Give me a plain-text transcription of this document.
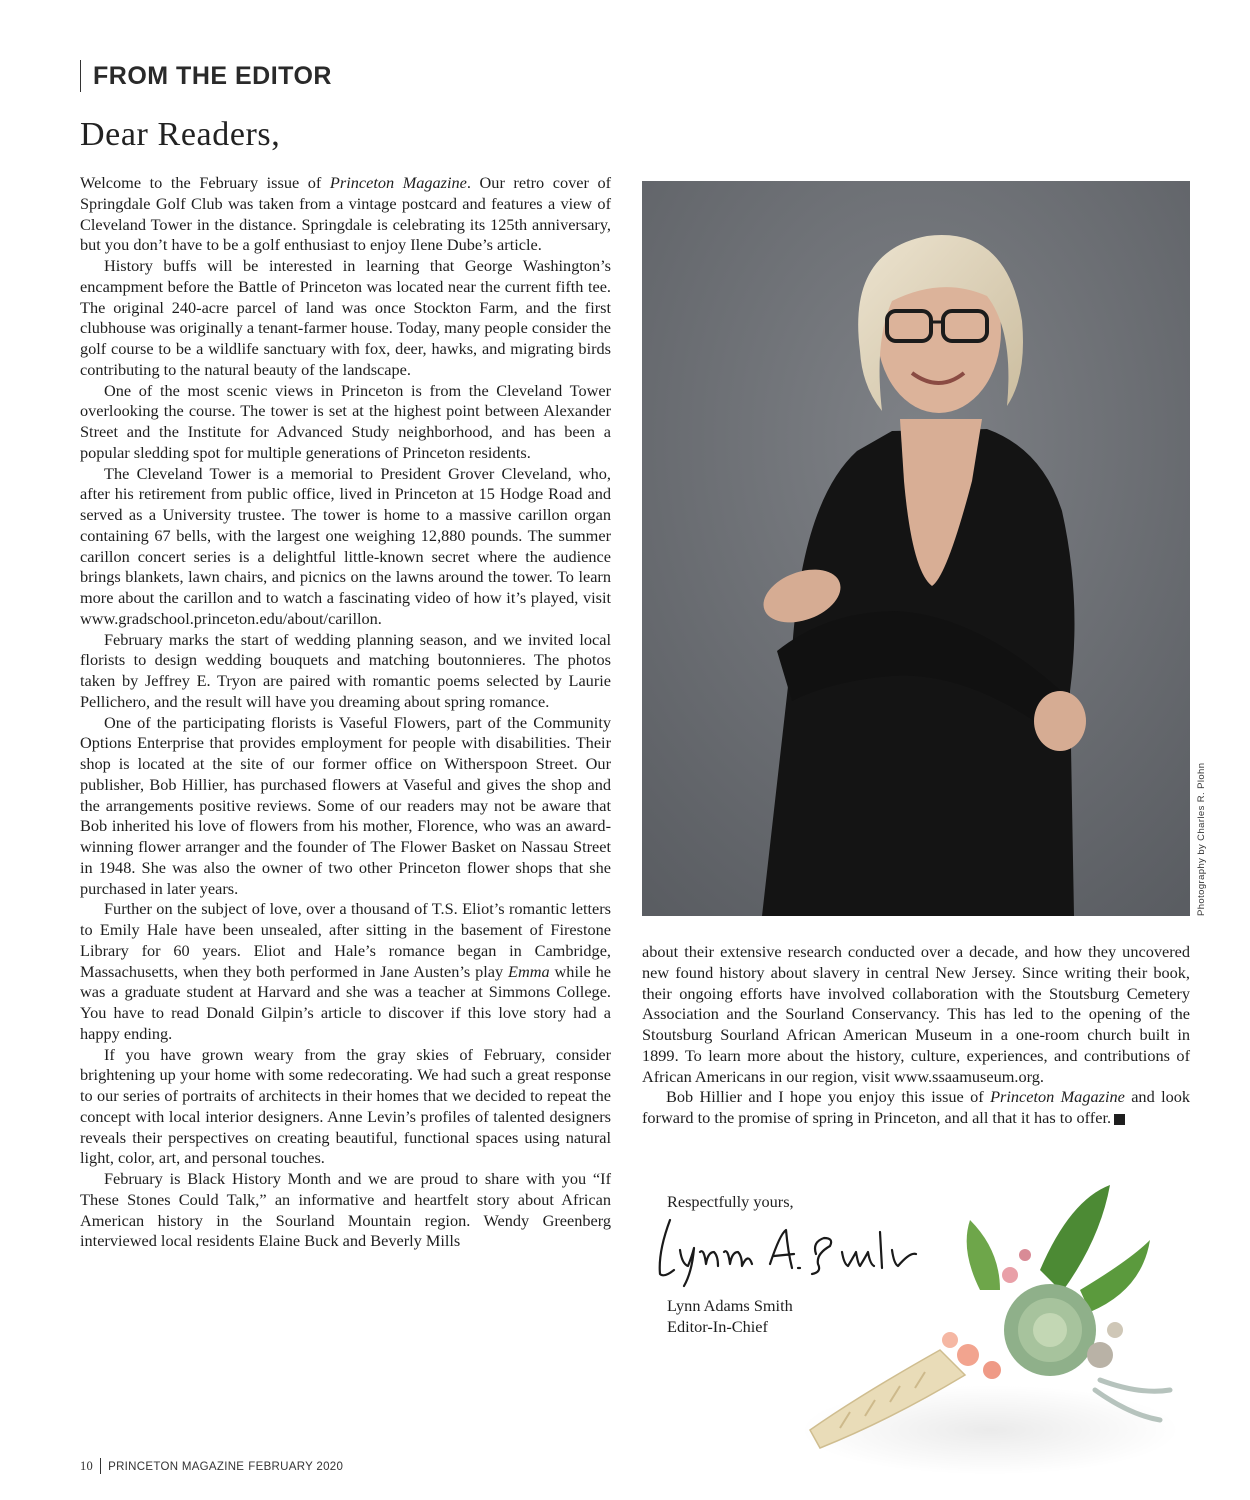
FROM THE EDITOR
Dear Readers,

Welcome to the February issue of Princeton Magazine. Our retro cover of Springdale Golf Club was taken from a vintage postcard and features a view of Cleveland Tower in the distance. Springdale is celebrating its 125th anniversary, but you don’t have to be a golf enthusiast to enjoy Ilene Dube’s article.

History buffs will be interested in learning that George Washington’s encampment before the Battle of Princeton was located near the current fifth tee. The original 240-acre parcel of land was once Stockton Farm, and the first clubhouse was originally a tenant-farmer house. Today, many people consider the golf course to be a wildlife sanctuary with fox, deer, hawks, and migrating birds contributing to the natural beauty of the landscape.

One of the most scenic views in Princeton is from the Cleveland Tower overlooking the course. The tower is set at the highest point between Alexander Street and the Institute for Advanced Study neighborhood, and has been a popular sledding spot for multiple generations of Princeton residents.

The Cleveland Tower is a memorial to President Grover Cleveland, who, after his retirement from public office, lived in Princeton at 15 Hodge Road and served as a University trustee. The tower is home to a massive carillon organ containing 67 bells, with the largest one weighing 12,880 pounds. The summer carillon concert series is a delightful little-known secret where the audience brings blankets, lawn chairs, and picnics on the lawns around the tower. To learn more about the carillon and to watch a fascinating video of how it’s played, visit www.gradschool.princeton.edu/about/carillon.

February marks the start of wedding planning season, and we invited local florists to design wedding bouquets and matching boutonnieres. The photos taken by Jeffrey E. Tryon are paired with romantic poems selected by Laurie Pellichero, and the result will have you dreaming about spring romance.

One of the participating florists is Vaseful Flowers, part of the Community Options Enterprise that provides employment for people with disabilities. Their shop is located at the site of our former office on Witherspoon Street. Our publisher, Bob Hillier, has purchased flowers at Vaseful and gives the shop and the arrangements positive reviews. Some of our readers may not be aware that Bob inherited his love of flowers from his mother, Florence, who was an award-winning flower arranger and the founder of The Flower Basket on Nassau Street in 1948. She was also the owner of two other Princeton flower shops that she purchased in later years.

Further on the subject of love, over a thousand of T.S. Eliot’s romantic letters to Emily Hale have been unsealed, after sitting in the basement of Firestone Library for 60 years. Eliot and Hale’s romance began in Cambridge, Massachusetts, when they both performed in Jane Austen’s play Emma while he was a graduate student at Harvard and she was a teacher at Simmons College. You have to read Donald Gilpin’s article to discover if this love story had a happy ending.

If you have grown weary from the gray skies of February, consider brightening up your home with some redecorating. We had such a great response to our series of portraits of architects in their homes that we decided to repeat the concept with local interior designers. Anne Levin’s profiles of talented designers reveals their perspectives on creating beautiful, functional spaces using natural light, color, art, and personal touches.

February is Black History Month and we are proud to share with you “If These Stones Could Talk,” an informative and heartfelt story about African American history in the Sourland Mountain region. Wendy Greenberg interviewed local residents Elaine Buck and Beverly Mills

Photography by Charles R. Plohn

about their extensive research conducted over a decade, and how they uncovered new found history about slavery in central New Jersey. Since writing their book, their ongoing efforts have involved collaboration with the Stoutsburg Cemetery Association and the Sourland Conservancy. This has led to the opening of the Stoutsburg Sourland African American Museum in a one-room church built in 1899. To learn more about the history, culture, experiences, and contributions of African Americans in our region, visit www.ssaamuseum.org.

Bob Hillier and I hope you enjoy this issue of Princeton Magazine and look forward to the promise of spring in Princeton, and all that it has to offer.	P

Respectfully yours,
Lynn Adams Smith
Editor-In-Chief
10 PRINCETON MAGAZINE FEBRUARY 2020
